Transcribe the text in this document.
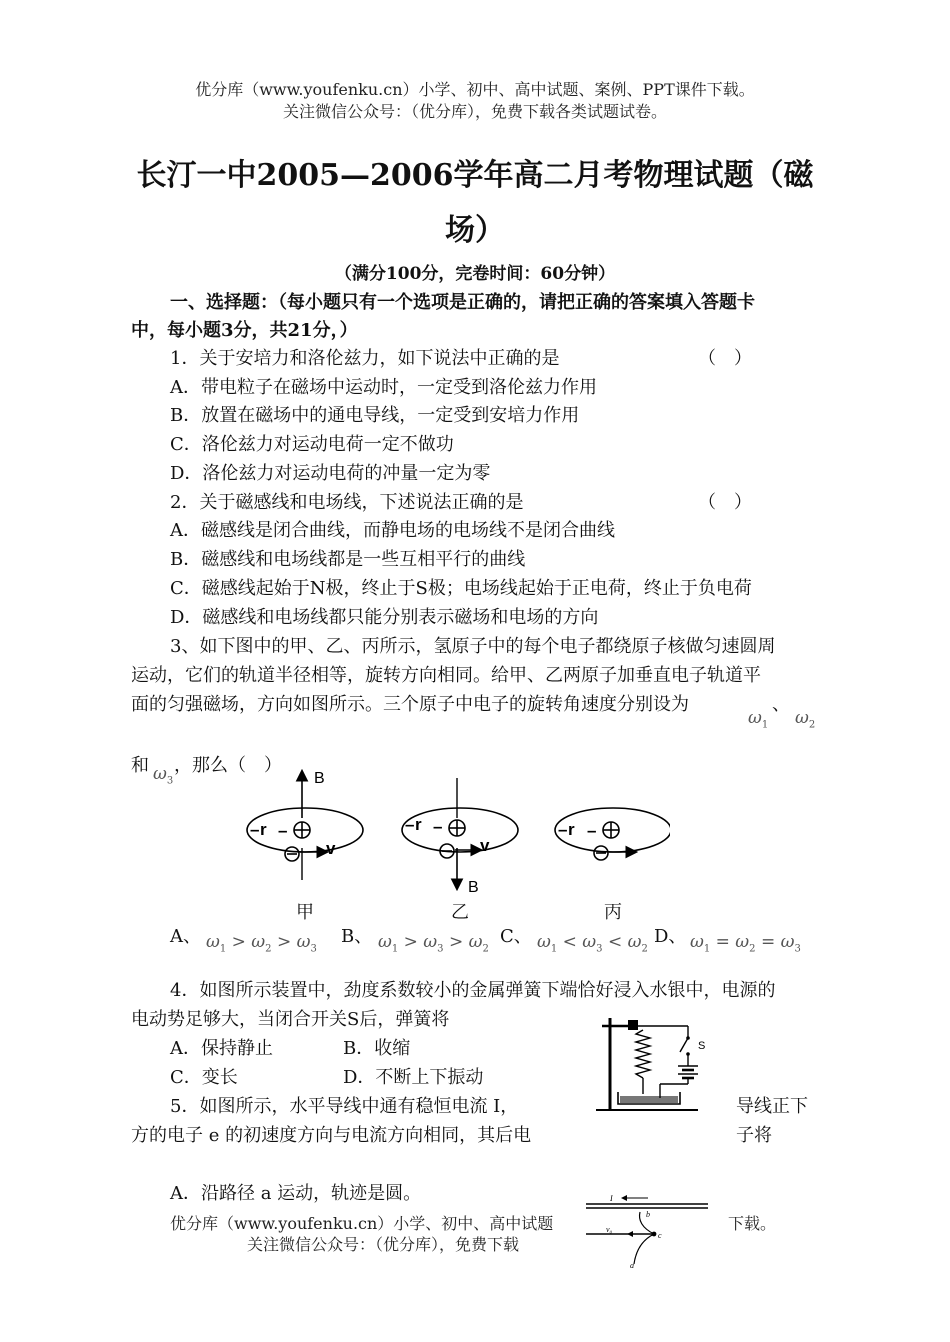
优分库（www.youfenku.cn）小学、初中、高中试题、案例、PPT课件下载。
关注微信公众号：（优分库），免费下载各类试题试卷。
长汀一中2005—2006学年高二月考物理试题（磁
场）
（满分100分，完卷时间：60分钟）
一、选择题：（每小题只有一个选项是正确的，请把正确的答案填入答题卡
中，每小题3分，共21分，）
1．关于安培力和洛伦兹力，如下说法中正确的是	（　）
A．带电粒子在磁场中运动时，一定受到洛伦兹力作用
B．放置在磁场中的通电导线，一定受到安培力作用
C．洛伦兹力对运动电荷一定不做功
D．洛伦兹力对运动电荷的冲量一定为零
2．关于磁感线和电场线，下述说法正确的是	（　）
A．磁感线是闭合曲线，而静电场的电场线不是闭合曲线
B．磁感线和电场线都是一些互相平行的曲线
C．磁感线起始于N极，终止于S极；电场线起始于正电荷，终止于负电荷
D．磁感线和电场线都只能分别表示磁场和电场的方向
3、如下图中的甲、乙、丙所示，氢原子中的每个电子都绕原子核做匀速圆周
运动，它们的轨道半径相等，旋转方向相同。给甲、乙两原子加垂直电子轨道平
面的匀强磁场，方向如图所示。三个原子中电子的旋转角速度分别设为
$\omega_1$
、
$\omega_2$
和 $\omega_3$
，那么（　）
B
– r –
v
B
– r –
v
– r –
甲	乙	丙
A、 $\omega_1 > \omega_2 > \omega_3$
B、 $\omega_1 > \omega_3 > \omega_2$
C、 $\omega_1 < \omega_3 < \omega_2$
D、 $\omega_1 = \omega_2 = \omega_3$
4．如图所示装置中，劲度系数较小的金属弹簧下端恰好浸入水银中，电源的
电动势足够大，当闭合开关S后，弹簧将
A．保持静止	B．收缩
C．变长	D．不断上下振动
S
5．如图所示，水平导线中通有稳恒电流 I，	导线正下
方的电子 e 的初速度方向与电流方向相同，其后电	子将
A．沿路径 a 运动，轨迹是圆。
优分库（www.youfenku.cn）小学、初中、高中试题	下载。
关注微信公众号：（优分库），免费下载
I
b
v₀
c
a
